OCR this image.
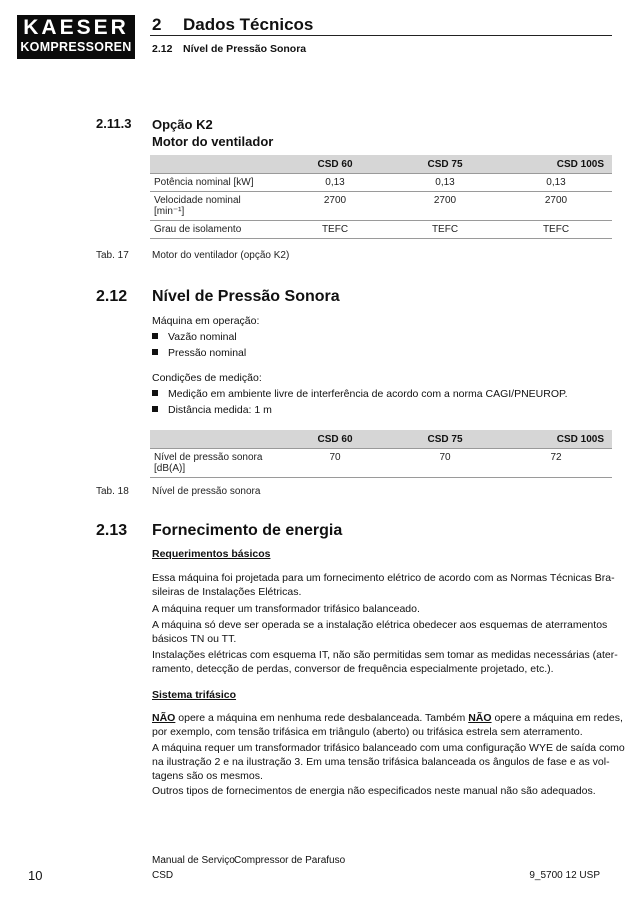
KAESER
KOMPRESSOREN
2 Dados Técnicos
2.12 Nível de Pressão Sonora
2.11.3 Opção K2
Motor do ventilador
	CSD 60	CSD 75	CSD 100S
Potência nominal [kW]	0,13	0,13	0,13

Velocidade nominal
[min⁻¹]	2700	2700	2700
Grau de isolamento	TEFC	TEFC	TEFC
Tab. 17 Motor do ventilador (opção K2)
2.12 Nível de Pressão Sonora
Máquina em operação:
Vazão nominal
Pressão nominal
Condições de medição:
Medição em ambiente livre de interferência de acordo com a norma CAGI/PNEUROP.
Distância medida: 1 m
	CSD 60	CSD 75	CSD 100S

Nível de pressão sonora
[dB(A)]	70	70	72
Tab. 18 Nível de pressão sonora
2.13 Fornecimento de energia
Requerimentos básicos
Essa máquina foi projetada para um fornecimento elétrico de acordo com as Normas Técnicas Bra-
sileiras de Instalações Elétricas.
A máquina requer um transformador trifásico balanceado.
A máquina só deve ser operada se a instalação elétrica obedecer aos esquemas de aterramentos
básicos TN ou TT.
Instalações elétricas com esquema IT, não são permitidas sem tomar as medidas necessárias (ater-
ramento, detecção de perdas, conversor de frequência especialmente projetado, etc.).
Sistema trifásico
NÃO opere a máquina em nenhuma rede desbalanceada. Também NÃO opere a máquina em redes,
por exemplo, com tensão trifásica em triângulo (aberto) ou trifásica estrela sem aterramento.
A máquina requer um transformador trifásico balanceado com uma configuração WYE de saída como
na ilustração 2 e na ilustração 3. Em uma tensão trifásica balanceada os ângulos de fase e as vol-
tagens são os mesmos.
Outros tipos de fornecimentos de energia não especificados neste manual não são adequados.
10
Manual de Serviço Compressor de Parafuso
CSD	9_5700 12 USP
